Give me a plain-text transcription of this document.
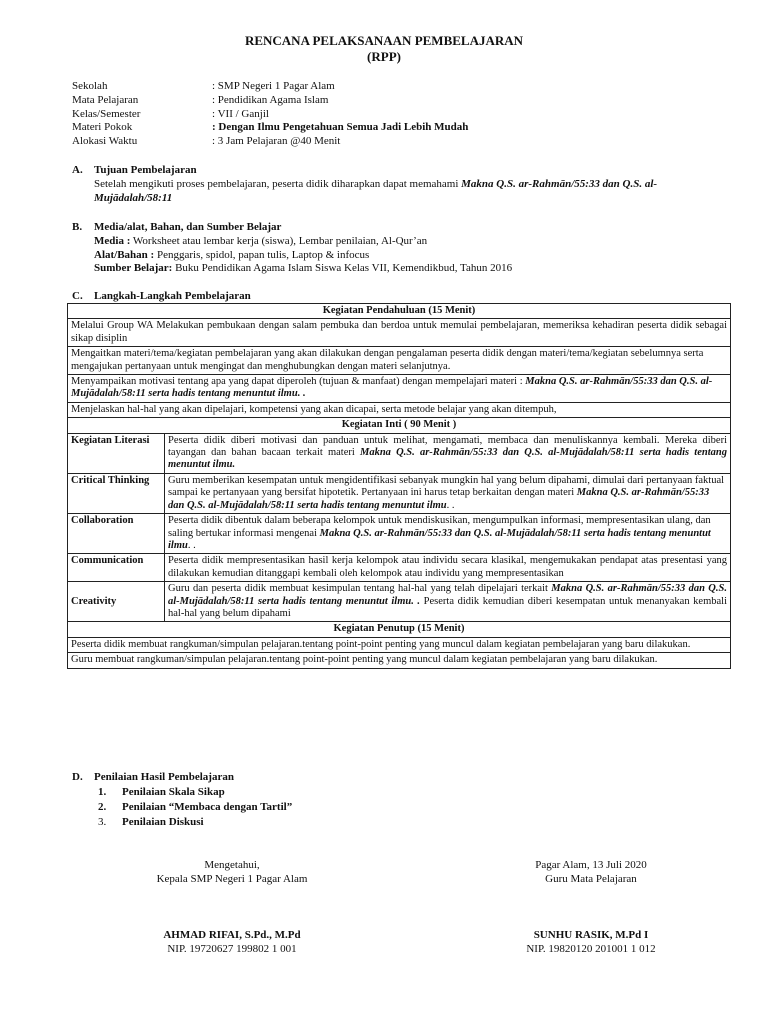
RENCANA PELAKSANAAN PEMBELAJARAN
(RPP)
Sekolah	: SMP Negeri 1 Pagar Alam
Mata Pelajaran	: Pendidikan Agama Islam
Kelas/Semester	: VII / Ganjil
Materi Pokok	: Dengan Ilmu Pengetahuan Semua Jadi Lebih Mudah
Alokasi Waktu	: 3 Jam Pelajaran @40 Menit
A.	Tujuan Pembelajaran
Setelah mengikuti proses pembelajaran, peserta didik diharapkan dapat memahami Makna Q.S. ar-Rahmān/55:33 dan Q.S. al-Mujādalah/58:11
B.	Media/alat, Bahan, dan Sumber Belajar
Media : Worksheet atau lembar kerja (siswa), Lembar penilaian, Al-Qur’an
Alat/Bahan : Penggaris, spidol, papan tulis, Laptop & infocus
Sumber Belajar: Buku Pendidikan Agama Islam Siswa Kelas VII, Kemendikbud, Tahun 2016
C.	Langkah-Langkah Pembelajaran
Kegiatan Pendahuluan (15 Menit)	
Melalui Group WA Melakukan pembukaan dengan salam pembuka dan berdoa untuk memulai pembelajaran, memeriksa kehadiran peserta didik sebagai sikap disiplin	
Mengaitkan materi/tema/kegiatan pembelajaran yang akan dilakukan dengan pengalaman peserta didik dengan materi/tema/kegiatan sebelumnya serta mengajukan pertanyaan untuk mengingat dan menghubungkan dengan materi selanjutnya.	
Menyampaikan motivasi tentang apa yang dapat diperoleh (tujuan & manfaat) dengan mempelajari materi : Makna Q.S. ar-Rahmān/55:33 dan Q.S. al-Mujādalah/58:11 serta hadis tentang menuntut ilmu. .	
Menjelaskan hal-hal yang akan dipelajari, kompetensi yang akan dicapai, serta metode belajar yang akan ditempuh,	
Kegiatan Inti ( 90 Menit )	
Kegiatan Literasi	Peserta didik diberi motivasi dan panduan untuk melihat, mengamati, membaca dan menuliskannya kembali. Mereka diberi tayangan dan bahan bacaan terkait materi Makna Q.S. ar-Rahmān/55:33 dan Q.S. al-Mujādalah/58:11 serta hadis tentang menuntut ilmu.
Critical Thinking	Guru memberikan kesempatan untuk mengidentifikasi sebanyak mungkin hal yang belum dipahami, dimulai dari pertanyaan faktual sampai ke pertanyaan yang bersifat hipotetik. Pertanyaan ini harus tetap berkaitan dengan materi Makna Q.S. ar-Rahmān/55:33 dan Q.S. al-Mujādalah/58:11 serta hadis tentang menuntut ilmu. .
Collaboration	Peserta didik dibentuk dalam beberapa kelompok untuk mendiskusikan, mengumpulkan informasi, mempresentasikan ulang, dan saling bertukar informasi mengenai Makna Q.S. ar-Rahmān/55:33 dan Q.S. al-Mujādalah/58:11 serta hadis tentang menuntut ilmu. .
Communication	Peserta didik mempresentasikan hasil kerja kelompok atau individu secara klasikal, mengemukakan pendapat atas presentasi yang dilakukan kemudian ditanggapi kembali oleh kelompok atau individu yang mempresentasikan
Creativity	Guru dan peserta didik membuat kesimpulan tentang hal-hal yang telah dipelajari terkait Makna Q.S. ar-Rahmān/55:33 dan Q.S. al-Mujādalah/58:11 serta hadis tentang menuntut ilmu. . Peserta didik kemudian diberi kesempatan untuk menanyakan kembali hal-hal yang belum dipahami
Kegiatan Penutup (15 Menit)	
Peserta didik membuat rangkuman/simpulan pelajaran.tentang point-point penting yang muncul dalam kegiatan pembelajaran yang baru dilakukan.	
Guru membuat rangkuman/simpulan pelajaran.tentang point-point penting yang muncul dalam kegiatan pembelajaran yang baru dilakukan.	
D.	Penilaian Hasil Pembelajaran
1.	Penilaian Skala Sikap
2.	Penilaian “Membaca dengan Tartil”
3.	Penilaian Diskusi
Mengetahui,
Kepala SMP Negeri 1 Pagar Alam
Pagar Alam, 13 Juli 2020
Guru Mata Pelajaran
AHMAD RIFAI, S.Pd., M.Pd
NIP. 19720627 199802 1 001
SUNHU RASIK, M.Pd I
NIP. 19820120 201001 1 012
